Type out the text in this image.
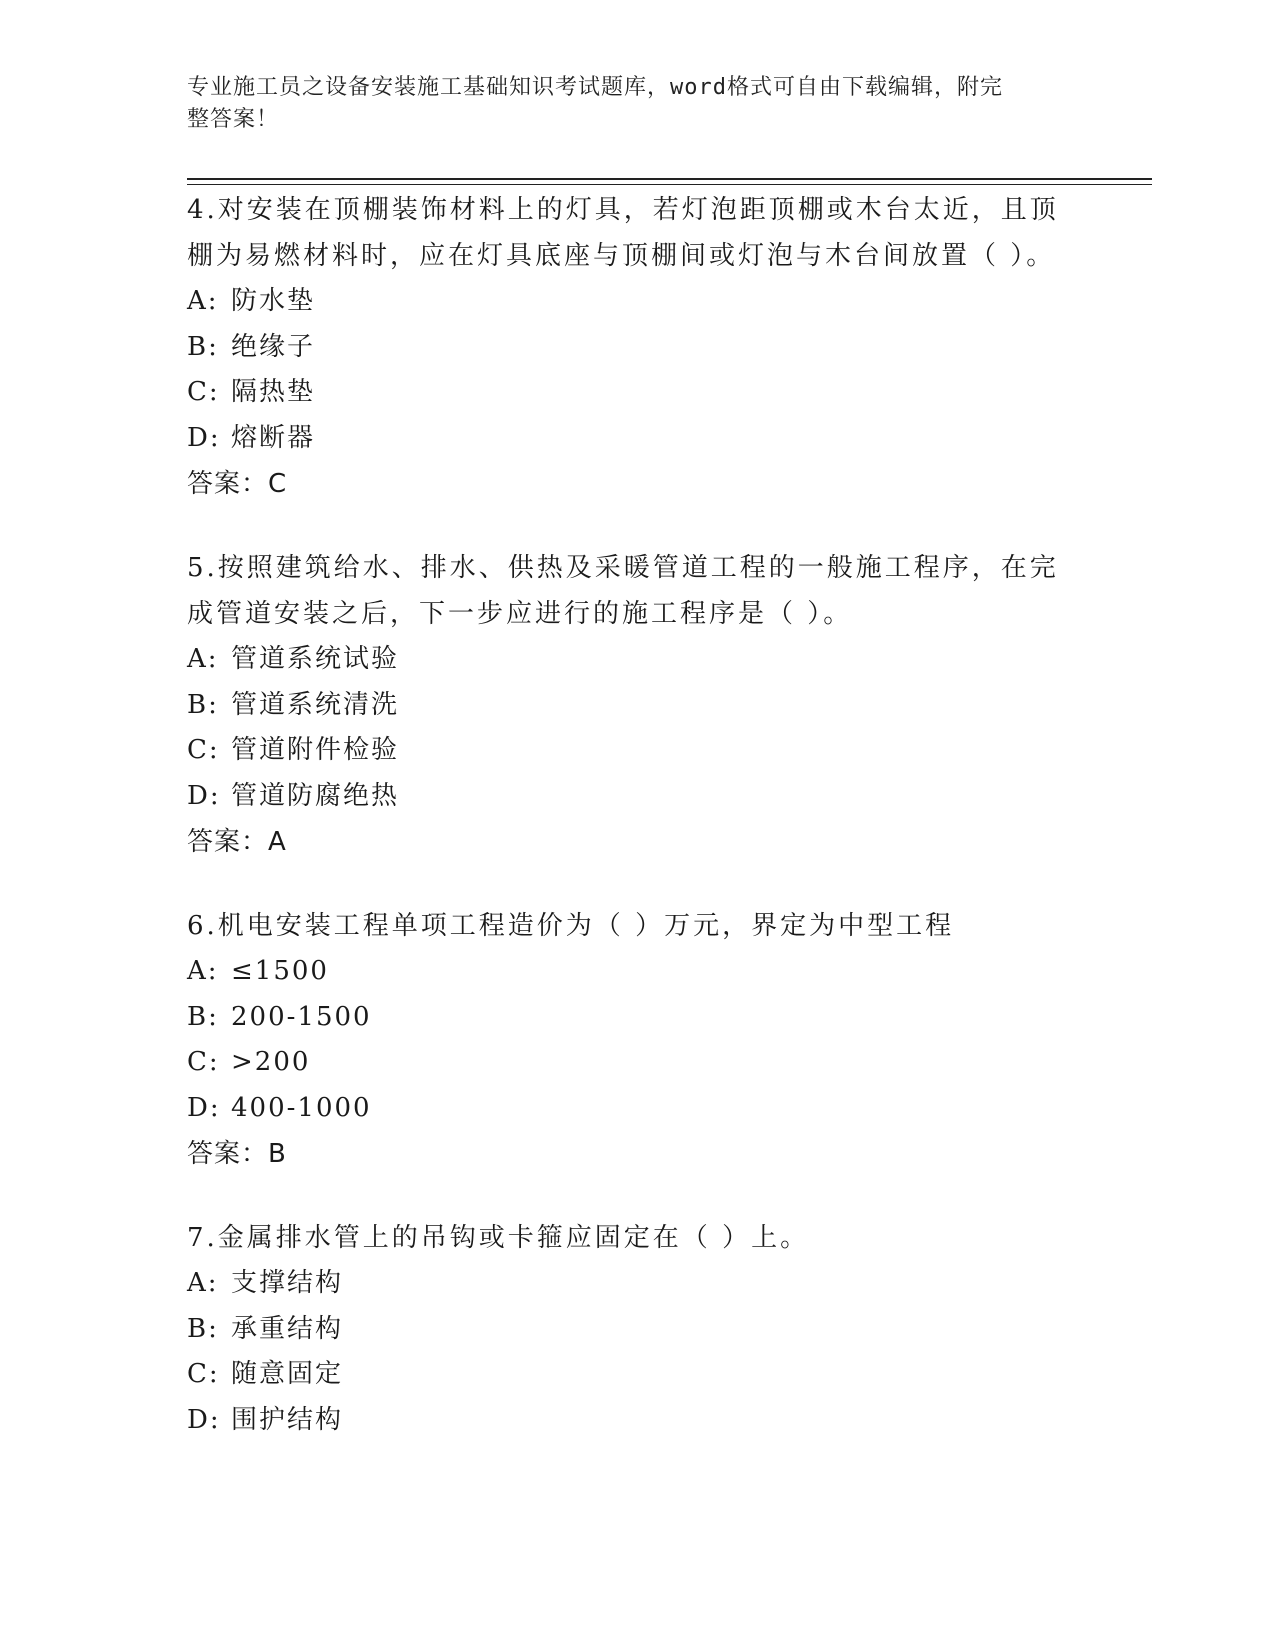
专业施工员之设备安装施工基础知识考试题库，word格式可自由下载编辑，附完
整答案！
4.对安装在顶棚装饰材料上的灯具，若灯泡距顶棚或木台太近，且顶
棚为易燃材料时，应在灯具底座与顶棚间或灯泡与木台间放置（ ）。
A: 防水垫
B: 绝缘子
C: 隔热垫
D: 熔断器
答案：C
5.按照建筑给水、排水、供热及采暖管道工程的一般施工程序，在完
成管道安装之后，下一步应进行的施工程序是（ ）。
A: 管道系统试验
B: 管道系统清洗
C: 管道附件检验
D: 管道防腐绝热
答案：A
6.机电安装工程单项工程造价为（ ）万元，界定为中型工程
A: ≤1500
B: 200-1500
C: >200
D: 400-1000
答案：B
7.金属排水管上的吊钩或卡箍应固定在（ ）上。
A: 支撑结构
B: 承重结构
C: 随意固定
D: 围护结构
